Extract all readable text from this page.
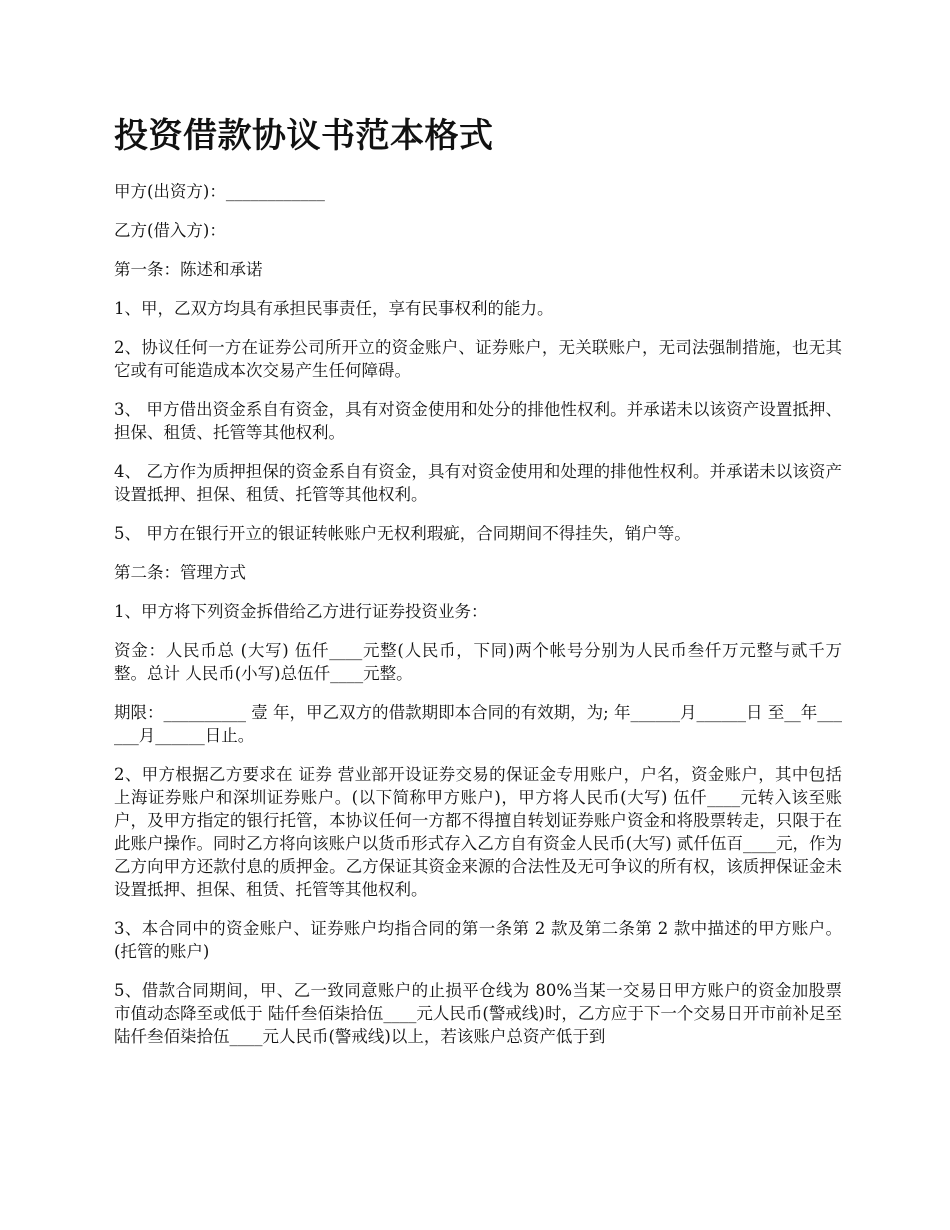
投资借款协议书范本格式

甲方(出资方)：____________

乙方(借入方)：

第一条：陈述和承诺

1、甲，乙双方均具有承担民事责任，享有民事权利的能力。

2、协议任何一方在证券公司所开立的资金账户、证券账户，无关联账户，无司法强制措施，也无其它或有可能造成本次交易产生任何障碍。

3、 甲方借出资金系自有资金，具有对资金使用和处分的排他性权利。并承诺未以该资产设置抵押、担保、租赁、托管等其他权利。

4、 乙方作为质押担保的资金系自有资金，具有对资金使用和处理的排他性权利。并承诺未以该资产设置抵押、担保、租赁、托管等其他权利。

5、 甲方在银行开立的银证转帐账户无权利瑕疵，合同期间不得挂失，销户等。

第二条：管理方式

1、甲方将下列资金拆借给乙方进行证券投资业务：

资金：人民币总 (大写) 伍仟____元整(人民币，下同)两个帐号分别为人民币叁仟万元整与贰千万整。总计 人民币(小写)总伍仟____元整。

期限：__________ 壹 年，甲乙双方的借款期即本合同的有效期，为; 年______月______日 至__年______月______日止。

2、甲方根据乙方要求在 证券 营业部开设证券交易的保证金专用账户，户名，资金账户，其中包括上海证券账户和深圳证券账户。(以下简称甲方账户)，甲方将人民币(大写) 伍仟____元转入该至账户，及甲方指定的银行托管，本协议任何一方都不得擅自转划证券账户资金和将股票转走，只限于在此账户操作。同时乙方将向该账户以货币形式存入乙方自有资金人民币(大写) 贰仟伍百____元，作为乙方向甲方还款付息的质押金。乙方保证其资金来源的合法性及无可争议的所有权，该质押保证金未设置抵押、担保、租赁、托管等其他权利。

3、本合同中的资金账户、证券账户均指合同的第一条第 2 款及第二条第 2 款中描述的甲方账户。(托管的账户)

5、借款合同期间，甲、乙一致同意账户的止损平仓线为 80%当某一交易日甲方账户的资金加股票市值动态降至或低于 陆仟叁佰柒拾伍____元人民币(警戒线)时，乙方应于下一个交易日开市前补足至 陆仟叁佰柒拾伍____元人民币(警戒线)以上，若该账户总资产低于到
